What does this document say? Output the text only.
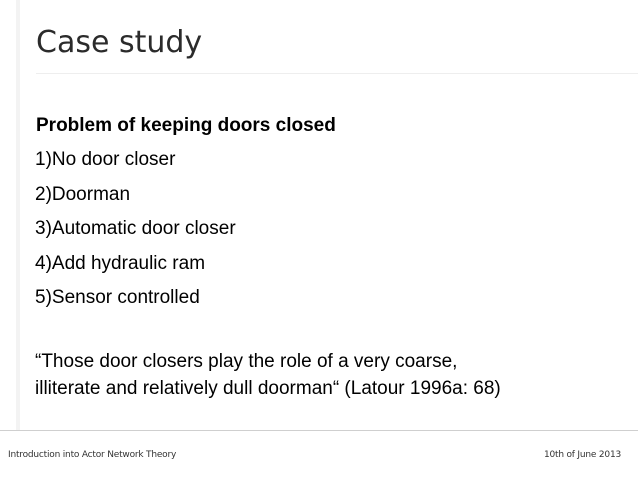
Case study

Problem of keeping doors closed

1)No door closer
2)Doorman
3)Automatic door closer
4)Add hydraulic ram
5)Sensor controlled

“Those door closers play the role of a very coarse,
illiterate and relatively dull doorman“ (Latour 1996a: 68)

Introduction into Actor Network Theory	10th of June 2013
